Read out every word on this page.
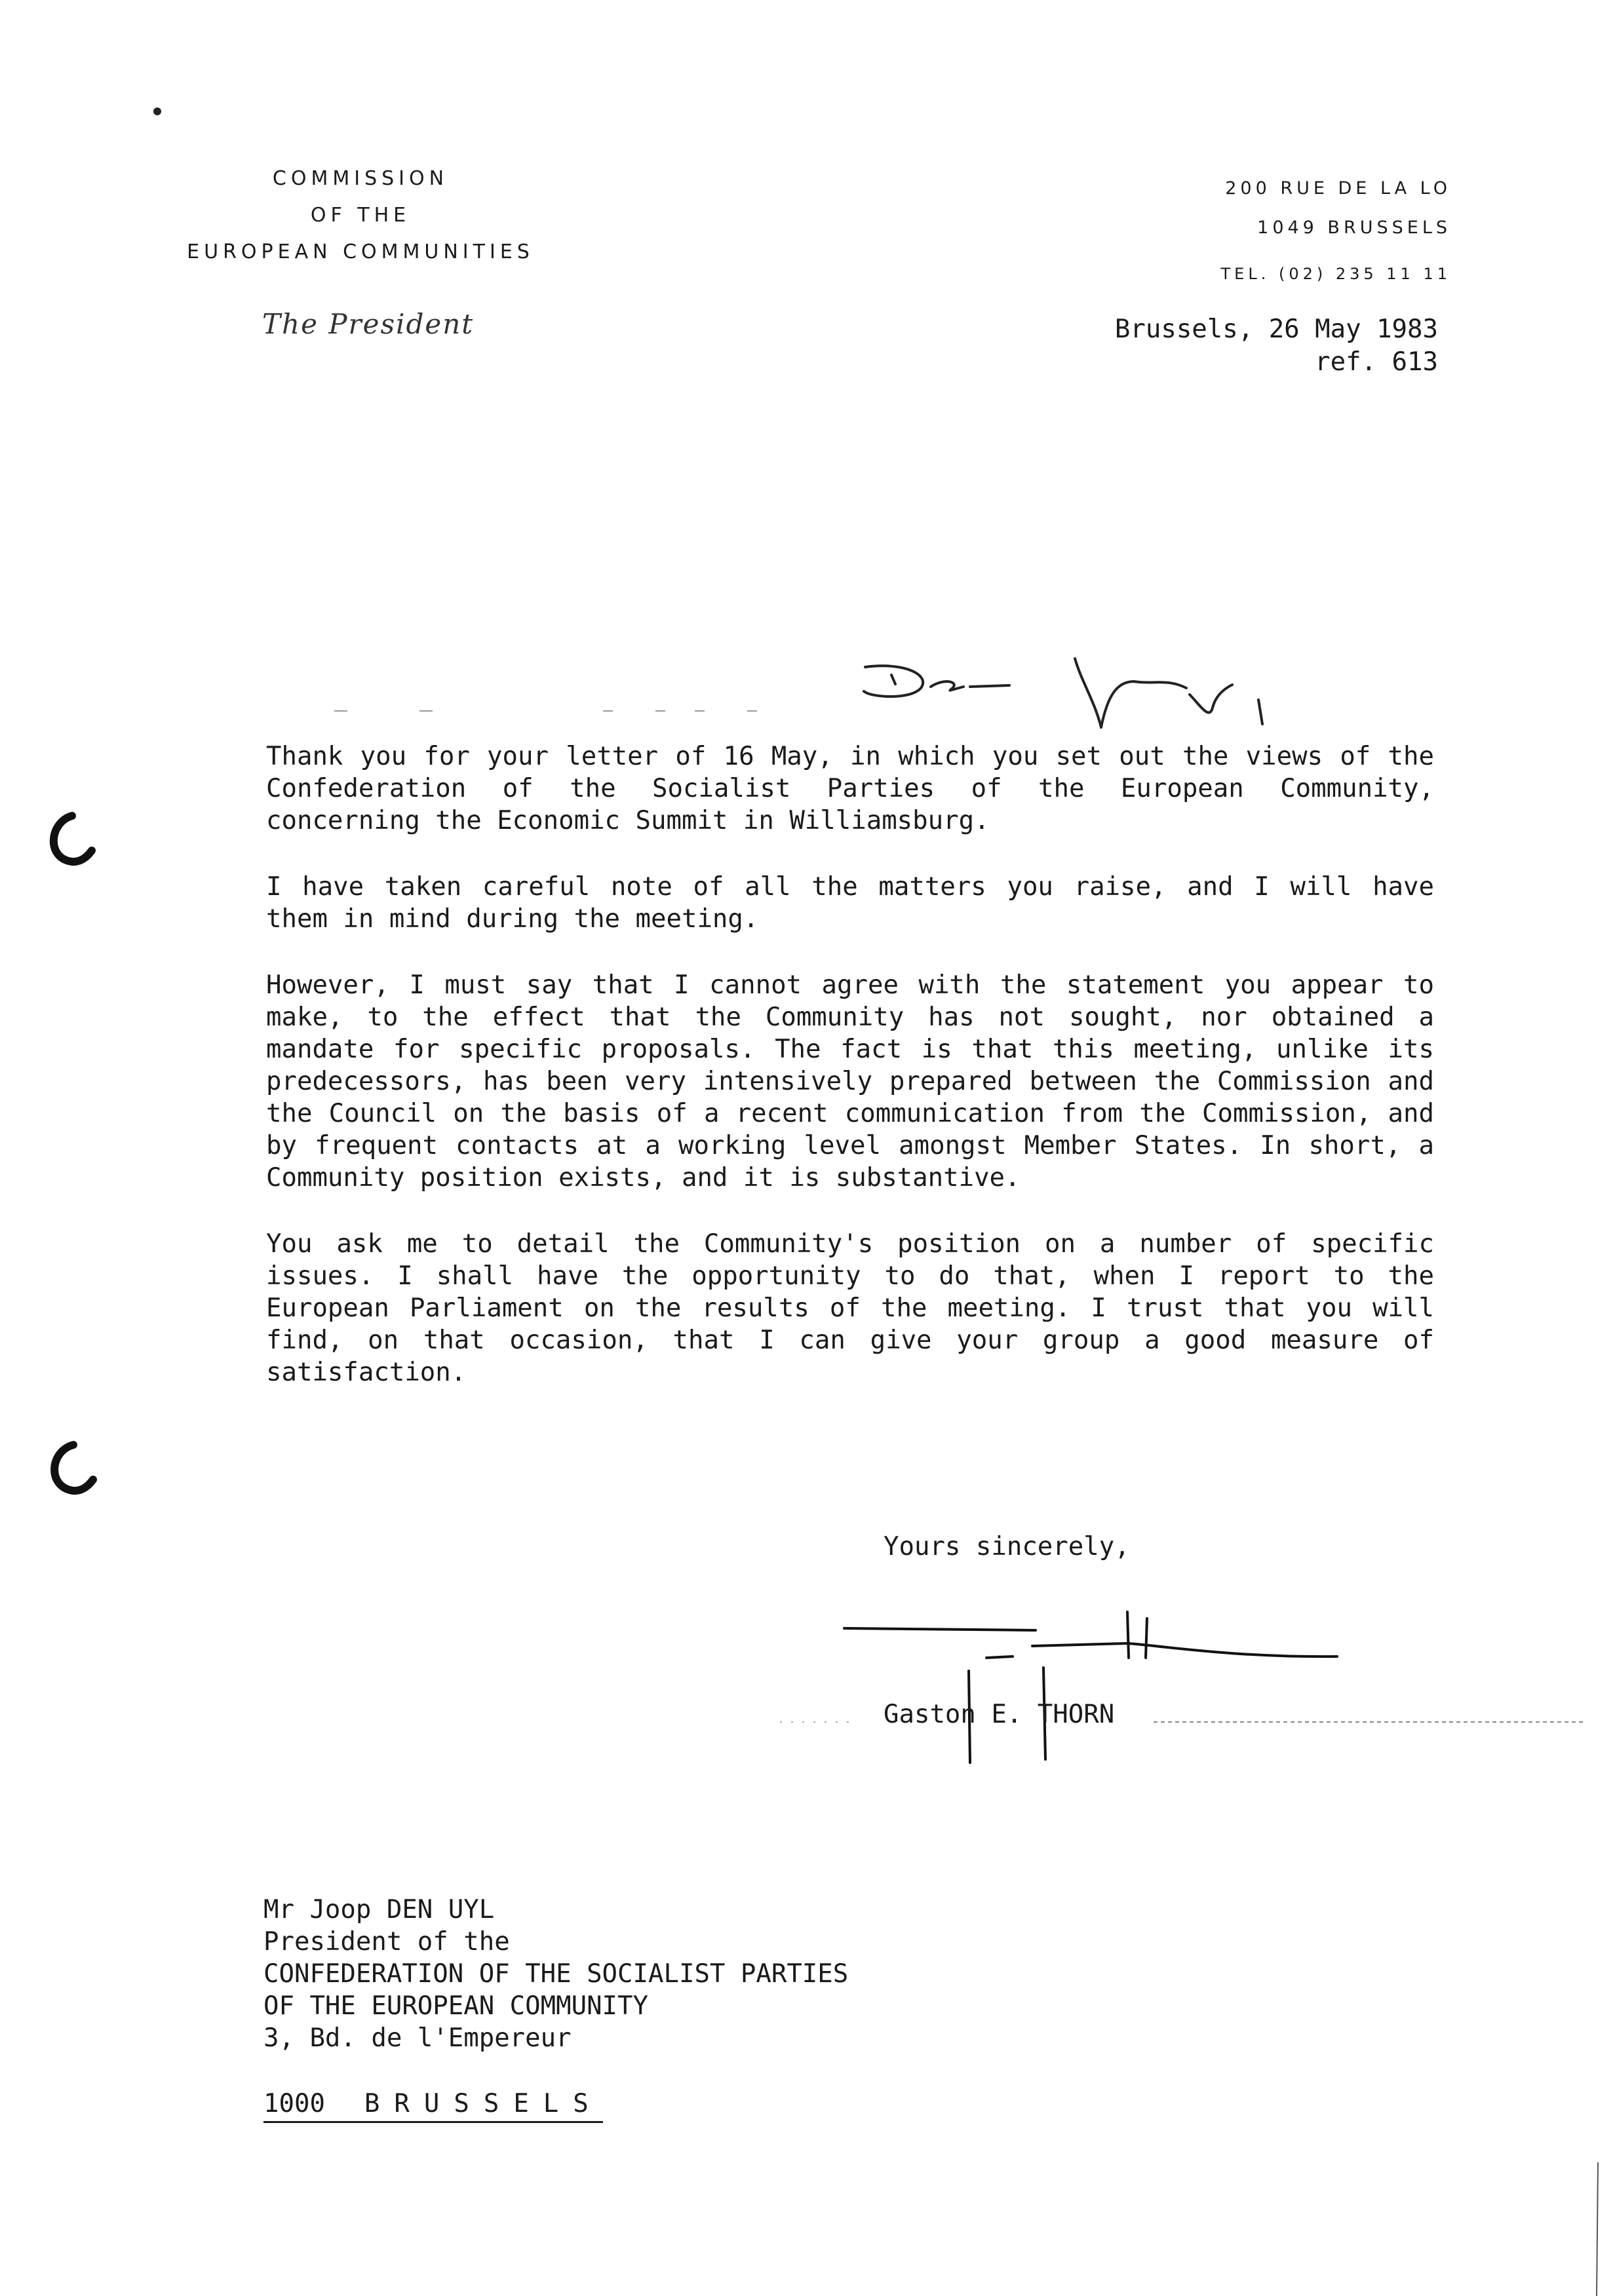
COMMISSION
OF THE
EUROPEAN COMMUNITIES
200 RUE DE LA LO
1049 BRUSSELS
TEL. (02) 235 11 11
The President	Brussels, 26 May 1983
ref. 613

Thank you for your letter of 16 May, in which you set out the views of the Confederation of the Socialist Parties of the European Community, concerning the Economic Summit in Williamsburg.

I have taken careful note of all the matters you raise, and I will have them in mind during the meeting.

However, I must say that I cannot agree with the statement you appear to make, to the effect that the Community has not sought, nor obtained a mandate for specific proposals. The fact is that this meeting, unlike its predecessors, has been very intensively prepared between the Commission and the Council on the basis of a recent communication from the Commission, and by frequent contacts at a working level amongst Member States. In short, a Community position exists, and it is substantive.

You ask me to detail the Community's position on a number of specific issues. I shall have the opportunity to do that, when I report to the European Parliament on the results of the meeting. I trust that you will find, on that occasion, that I can give your group a good measure of satisfaction.

Yours sincerely,
Gaston E. THORN
Mr Joop DEN UYL
President of the
CONFEDERATION OF THE SOCIALIST PARTIES
OF THE EUROPEAN COMMUNITY
3, Bd. de l'Empereur
1000 BRUSSELS
